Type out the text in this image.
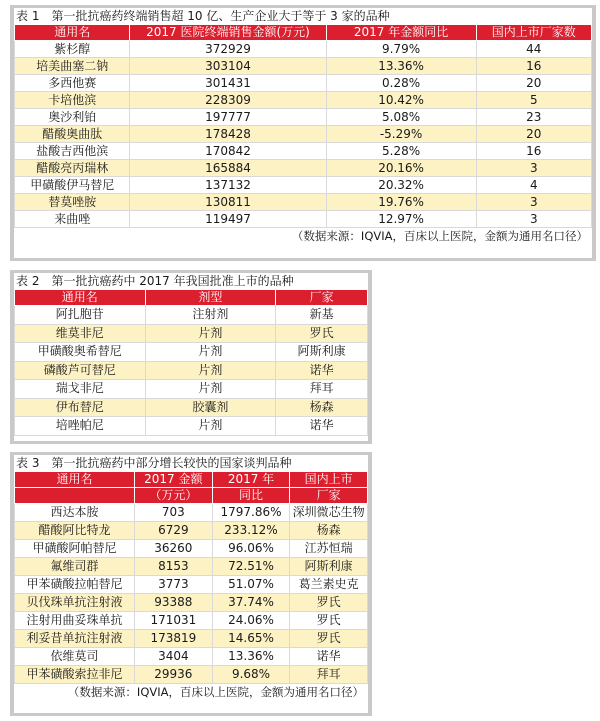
表 1　第一批抗癌药终端销售超 10 亿、生产企业大于等于 3 家的品种
通用名	2017 医院终端销售金额(万元)	2017 年金额同比	国内上市厂家数
紫杉醇	372929	9.79%	44
培美曲塞二钠	303104	13.36%	16
多西他赛	301431	0.28%	20
卡培他滨	228309	10.42%	5
奥沙利铂	197777	5.08%	23
醋酸奥曲肽	178428	-5.29%	20
盐酸吉西他滨	170842	5.28%	16
醋酸亮丙瑞林	165884	20.16%	3
甲磺酸伊马替尼	137132	20.32%	4
替莫唑胺	130811	19.76%	3
来曲唑	119497	12.97%	3
（数据来源：IQVIA，百床以上医院，金额为通用名口径）
表 2　第一批抗癌药中 2017 年我国批准上市的品种
通用名	剂型	厂家
阿扎胞苷	注射剂	新基
维莫非尼	片剂	罗氏
甲磺酸奥希替尼	片剂	阿斯利康
磷酸芦可替尼	片剂	诺华
瑞戈非尼	片剂	拜耳
伊布替尼	胶囊剂	杨森
培唑帕尼	片剂	诺华
表 3　第一批抗癌药中部分增长较快的国家谈判品种
通用名	2017 金额	2017 年	国内上市
	（万元）	同比	厂家
西达本胺	703	1797.86%	深圳微芯生物
醋酸阿比特龙	6729	233.12%	杨森
甲磺酸阿帕替尼	36260	96.06%	江苏恒瑞
氟维司群	8153	72.51%	阿斯利康
甲苯磺酸拉帕替尼	3773	51.07%	葛兰素史克
贝伐珠单抗注射液	93388	37.74%	罗氏
注射用曲妥珠单抗	171031	24.06%	罗氏
利妥昔单抗注射液	173819	14.65%	罗氏
依维莫司	3404	13.36%	诺华
甲苯磺酸索拉非尼	29936	9.68%	拜耳
（数据来源：IQVIA，百床以上医院，金额为通用名口径）
